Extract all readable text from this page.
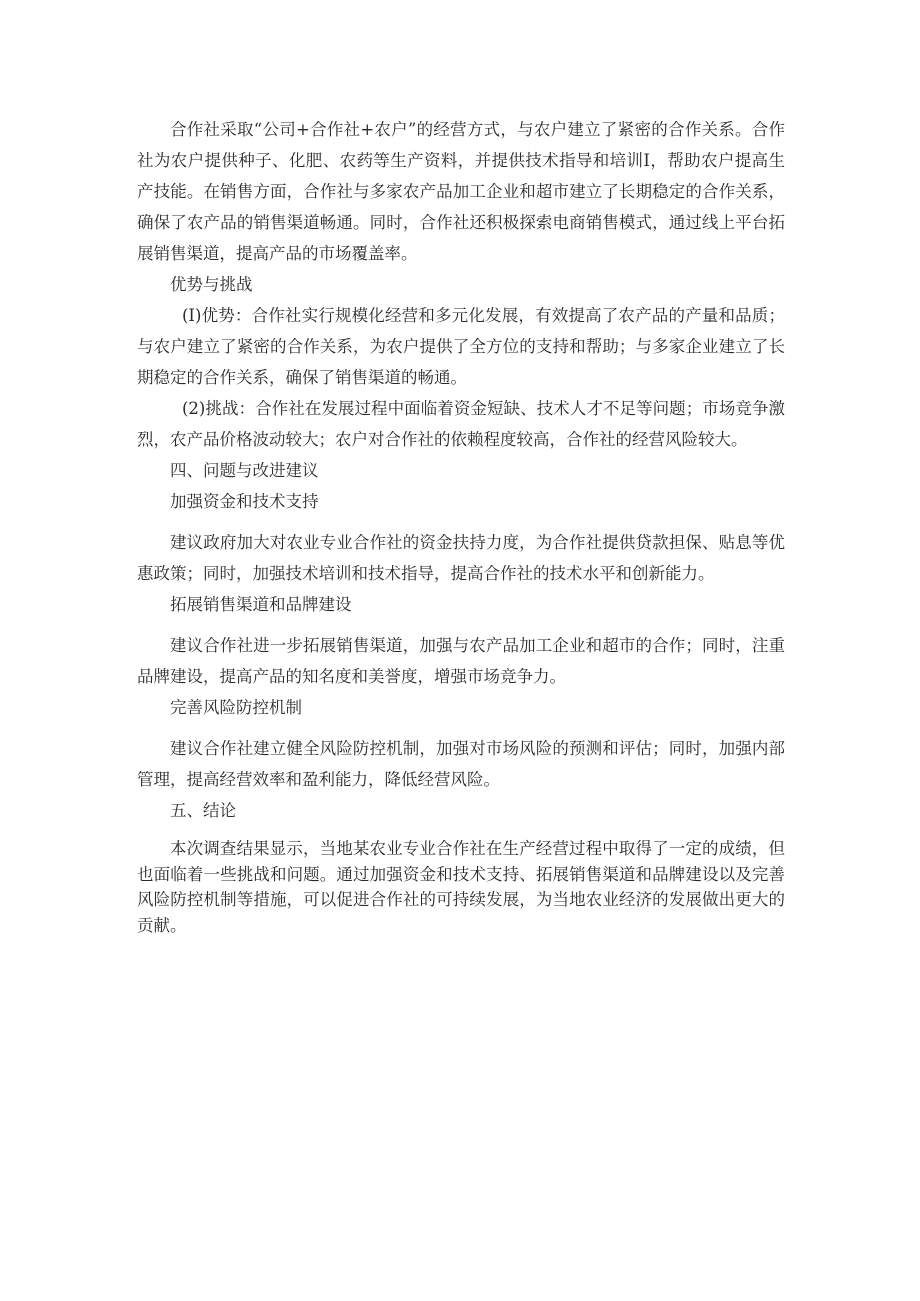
合作社采取“公司+合作社+农户”的经营方式，与农户建立了紧密的合作关系。合作社为农户提供种子、化肥、农药等生产资料，并提供技术指导和培训I，帮助农户提高生产技能。在销售方面，合作社与多家农产品加工企业和超市建立了长期稳定的合作关系，确保了农产品的销售渠道畅通。同时，合作社还积极探索电商销售模式，通过线上平台拓展销售渠道，提高产品的市场覆盖率。

优势与挑战

(I)优势：合作社实行规模化经营和多元化发展，有效提高了农产品的产量和品质；与农户建立了紧密的合作关系，为农户提供了全方位的支持和帮助；与多家企业建立了长期稳定的合作关系，确保了销售渠道的畅通。

(2)挑战：合作社在发展过程中面临着资金短缺、技术人才不足等问题；市场竞争激烈，农产品价格波动较大；农户对合作社的依赖程度较高，合作社的经营风险较大。

四、问题与改进建议

加强资金和技术支持

建议政府加大对农业专业合作社的资金扶持力度，为合作社提供贷款担保、贴息等优惠政策；同时，加强技术培训和技术指导，提高合作社的技术水平和创新能力。

拓展销售渠道和品牌建设

建议合作社进一步拓展销售渠道，加强与农产品加工企业和超市的合作；同时，注重品牌建设，提高产品的知名度和美誉度，增强市场竞争力。

完善风险防控机制

建议合作社建立健全风险防控机制，加强对市场风险的预测和评估；同时，加强内部管理，提高经营效率和盈利能力，降低经营风险。

五、结论

本次调查结果显示，当地某农业专业合作社在生产经营过程中取得了一定的成绩，但也面临着一些挑战和问题。通过加强资金和技术支持、拓展销售渠道和品牌建设以及完善风险防控机制等措施，可以促进合作社的可持续发展，为当地农业经济的发展做出更大的贡献。
